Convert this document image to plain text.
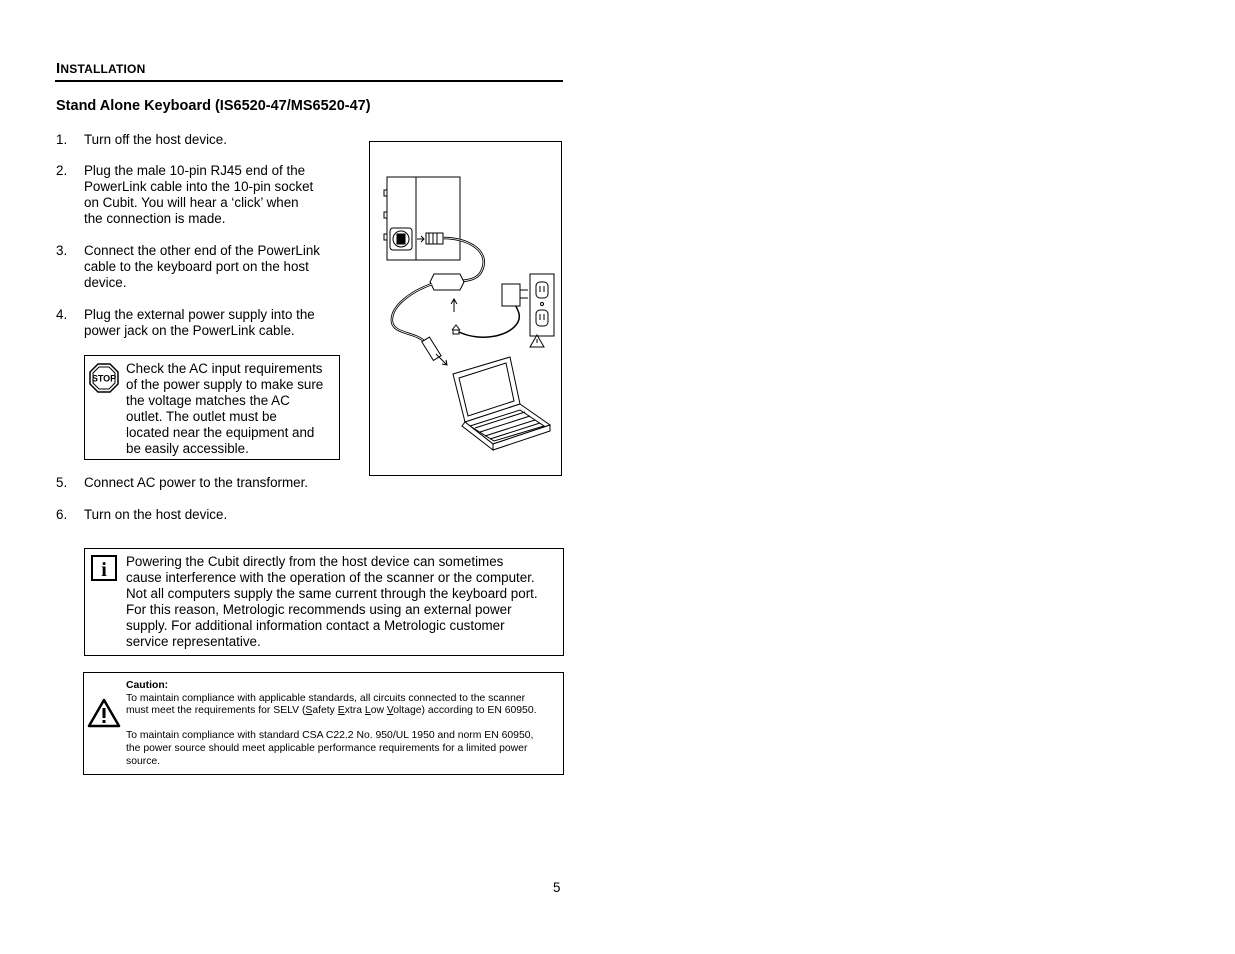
INSTALLATION
Stand Alone Keyboard (IS6520-47/MS6520-47)
1. Turn off the host device.
2. Plug the male 10-pin RJ45 end of the
PowerLink cable into the 10-pin socket
on Cubit. You will hear a ‘click’ when
the connection is made.
3. Connect the other end of the PowerLink
cable to the keyboard port on the host
device.
4. Plug the external power supply into the
power jack on the PowerLink cable.
STOP
Check the AC input requirements
of the power supply to make sure
the voltage matches the AC
outlet. The outlet must be
located near the equipment and
be easily accessible.
5. Connect AC power to the transformer.
6. Turn on the host device.
i Powering the Cubit directly from the host device can sometimes
cause interference with the operation of the scanner or the computer.
Not all computers supply the same current through the keyboard port.
For this reason, Metrologic recommends using an external power
supply. For additional information contact a Metrologic customer
service representative.
Caution:
To maintain compliance with applicable standards, all circuits connected to the scanner
must meet the requirements for SELV (Safety Extra Low Voltage) according to EN 60950.
To maintain compliance with standard CSA C22.2 No. 950/UL 1950 and norm EN 60950,
the power source should meet applicable performance requirements for a limited power
source.
5
